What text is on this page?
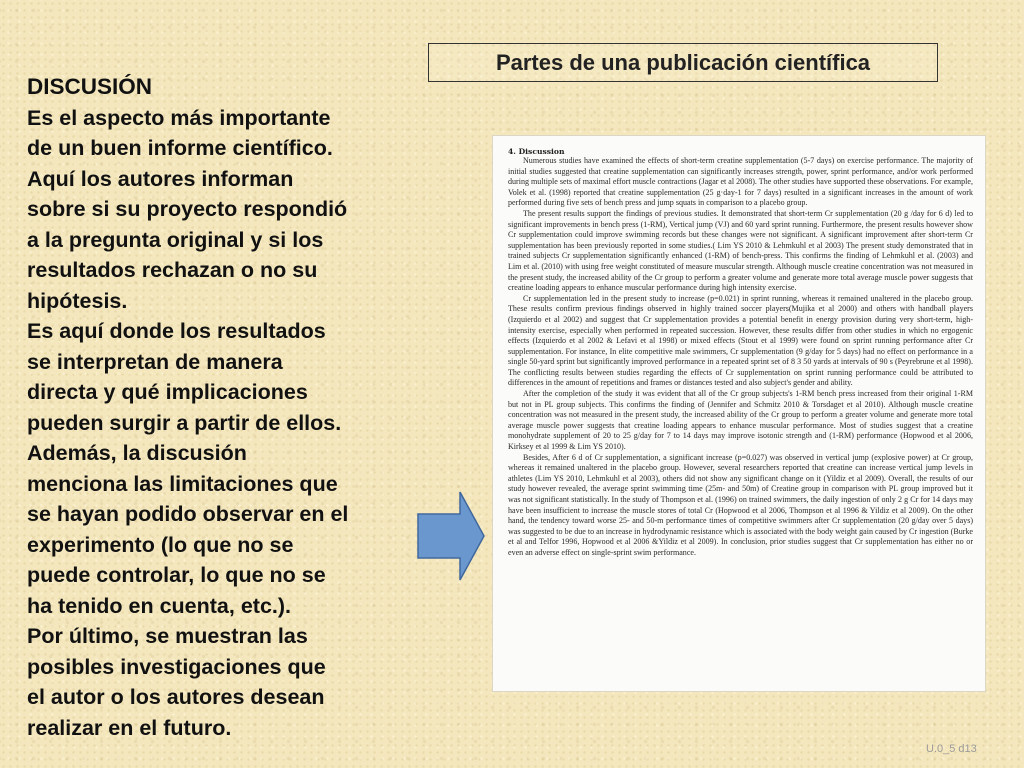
Partes de una publicación científica
DISCUSIÓN
Es el aspecto más importante
de un buen informe científico.
Aquí los autores informan
sobre si su proyecto respondió
a la pregunta original y si los
resultados rechazan o no su
hipótesis.
Es aquí donde los resultados
se interpretan de manera
directa y qué implicaciones
pueden surgir a partir de ellos.
Además, la discusión
menciona las limitaciones que
se hayan podido observar en el
experimento (lo que no se
puede controlar, lo que no se
ha tenido en cuenta, etc.).
Por último, se muestran las
posibles investigaciones que
el autor o los autores desean
realizar en el futuro.
4. Discussion

Numerous studies have examined the effects of short-term creatine supplementation (5-7 days) on exercise performance. The majority of initial studies suggested that creatine supplementation can significantly increases strength, power, sprint performance, and/or work performed during multiple sets of maximal effort muscle contractions (Jagar et al 2008). The other studies have supported these observations. For example, Volek et al. (1998) reported that creatine supplementation (25 g·day-1 for 7 days) resulted in a significant increases in the amount of work performed during five sets of bench press and jump squats in comparison to a placebo group.

The present results support the findings of previous studies. It demonstrated that short-term Cr supplementation (20 g /day for 6 d) led to significant improvements in bench press (1-RM), Vertical jump (VJ) and 60 yard sprint running. Furthermore, the present results however show Cr supplementation could improve swimming records but these changes were not significant. A significant improvement after short-term Cr supplementation has been previously reported in some studies.( Lim YS 2010 & Lehmkuhl et al 2003) The present study demonstrated that in trained subjects Cr supplementation significantly enhanced (1-RM) of bench-press. This confirms the finding of Lehmkuhl et al. (2003) and Lim et al. (2010) with using free weight constituted of measure muscular strength. Although muscle creatine concentration was not measured in the present study, the increased ability of the Cr group to perform a greater volume and generate more total average muscle power suggests that creatine loading appears to enhance muscular performance during high intensity exercise.

Cr supplementation led in the present study to increase (p=0.021) in sprint running, whereas it remained unaltered in the placebo group. These results confirm previous findings observed in highly trained soccer players(Mujika et al 2000) and others with handball players (Izquierdo et al 2002) and suggest that Cr supplementation provides a potential benefit in energy provision during very short-term, high-intensity exercise, especially when performed in repeated succession. However, these results differ from other studies in which no ergogenic effects (Izquierdo et al 2002 & Lefavi et al 1998) or mixed effects (Stout et al 1999) were found on sprint running performance after Cr supplementation. For instance, In elite competitive male swimmers, Cr supplementation (9 g/day for 5 days) had no effect on performance in a single 50-yard sprint but significantly improved performance in a repeated sprint set of 8 3 50 yards at intervals of 90 s (Peyrebrune et al 1998). The conflicting results between studies regarding the effects of Cr supplementation on sprint running performance could be attributed to differences in the amount of repetitions and frames or distances tested and also subject's gender and ability.

After the completion of the study it was evident that all of the Cr group subjects's 1-RM bench press increased from their original 1-RM but not in PL group subjects. This confirms the finding of (Jennifer and Schmitz 2010 & Torsdaget et al 2010). Although muscle creatine concentration was not measured in the present study, the increased ability of the Cr group to perform a greater volume and generate more total average muscle power suggests that creatine loading appears to enhance muscular performance. Most of studies suggest that a creatine monohydrate supplement of 20 to 25 g/day for 7 to 14 days may improve isotonic strength and (1-RM) performance (Hopwood et al 2006, Kirksey et al 1999 & Lim YS 2010).

Besides, After 6 d of Cr supplementation, a significant increase (p=0.027) was observed in vertical jump (explosive power) at Cr group, whereas it remained unaltered in the placebo group. However, several researchers reported that creatine can increase vertical jump levels in athletes (Lim YS 2010, Lehmkuhl et al 2003), others did not show any significant change on it (Yildiz et al 2009). Overall, the results of our study however revealed, the average sprint swimming time (25m- and 50m) of Creatine group in comparison with PL group improved but it was not significant statistically. In the study of Thompson et al. (1996) on trained swimmers, the daily ingestion of only 2 g Cr for 14 days may have been insufficient to increase the muscle stores of total Cr (Hopwood et al 2006, Thompson et al 1996 & Yildiz et al 2009). On the other hand, the tendency toward worse 25- and 50-m performance times of competitive swimmers after Cr supplementation (20 g/day over 5 days) was suggested to be due to an increase in hydrodynamic resistance which is associated with the body weight gain caused by Cr ingestion (Burke et al and Telfor 1996, Hopwood et al 2006 &Yildiz et al 2009). In conclusion, prior studies suggest that Cr supplementation has either no or even an adverse effect on single-sprint swim performance.

U.0_5 d13
